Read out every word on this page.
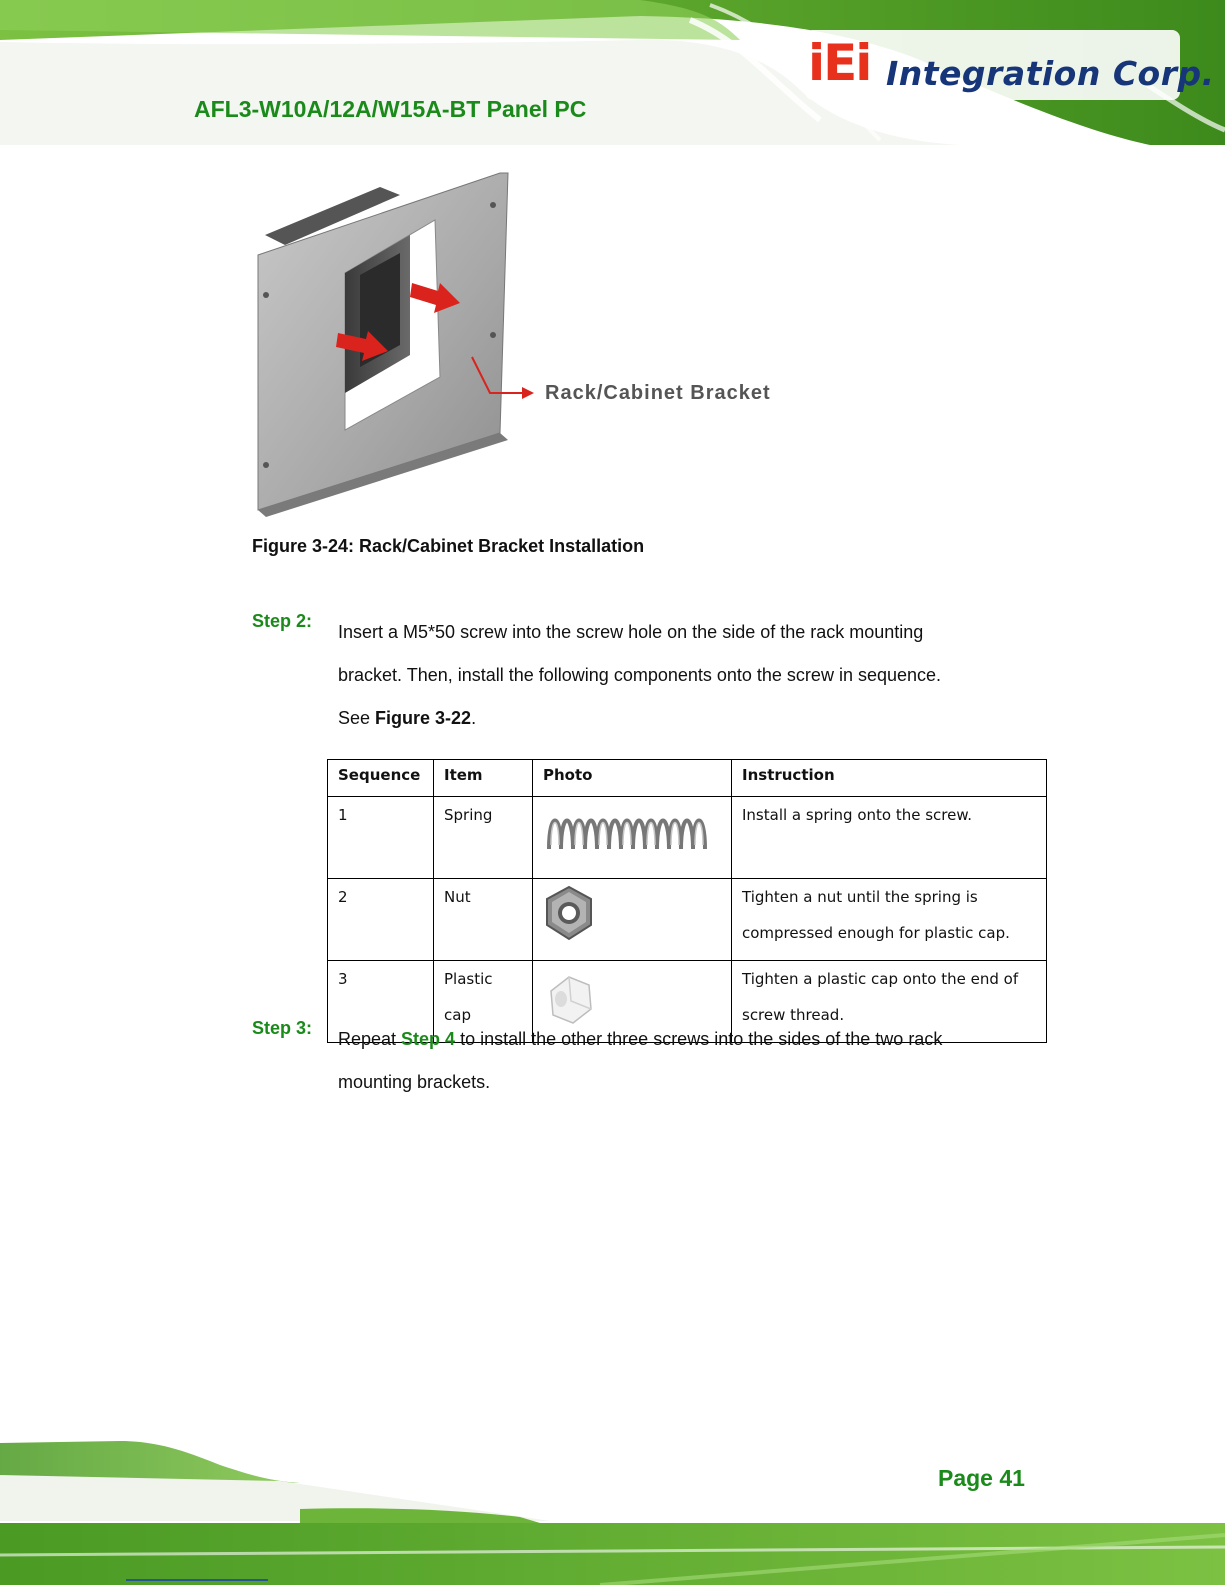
AFL3-W10A/12A/W15A-BT Panel PC
iEi Integration Corp.
Rack/Cabinet Bracket

Figure 3-24: Rack/Cabinet Bracket Installation

Step 2:

Insert a M5*50 screw into the screw hole on the side of the rack mounting

bracket. Then, install the following components onto the screw in sequence.

See Figure 3-22.

Sequence	Item	Photo	Instruction
1	Spring		Install a spring onto the screw.
2	Nut		Tighten a nut until the spring is compressed enough for plastic cap.
3	Plastic cap		Tighten a plastic cap onto the end of screw thread.
Step 3:

Repeat Step 4 to install the other three screws into the sides of the two rack

mounting brackets.

Page 41
